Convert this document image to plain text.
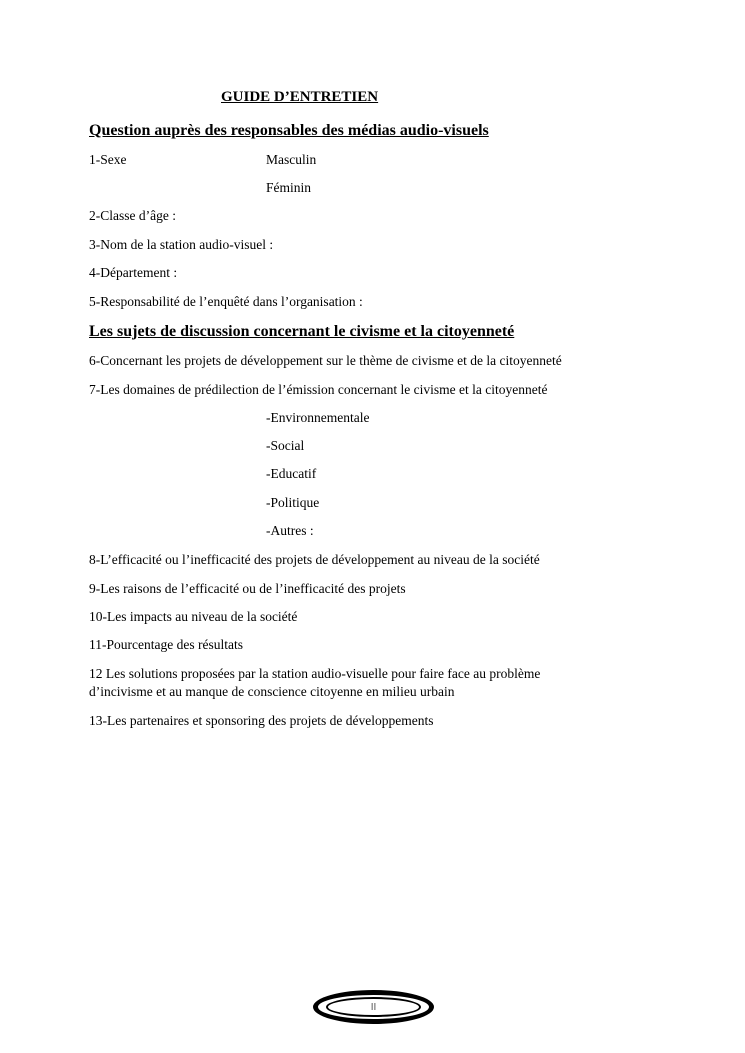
GUIDE D’ENTRETIEN
Question auprès des responsables des médias audio-visuels
1-Sexe	Masculin
Féminin
2-Classe d’âge :
3-Nom de la station audio-visuel :
4-Département :
5-Responsabilité de l’enquêté dans l’organisation :
Les sujets de discussion concernant le civisme et la citoyenneté
6-Concernant les projets de développement sur le thème de civisme et de la citoyenneté
7-Les domaines de prédilection de l’émission concernant le civisme et la citoyenneté
-Environnementale
-Social
-Educatif
-Politique
-Autres :
8-L’efficacité ou l’inefficacité des projets de développement au niveau de la société
9-Les raisons de l’efficacité ou de l’inefficacité des projets
10-Les impacts au niveau de la société
11-Pourcentage des résultats
12 Les solutions proposées par la station audio-visuelle pour faire face au problème
d’incivisme et au manque de conscience citoyenne en milieu urbain
13-Les partenaires et sponsoring des projets de développements
II
